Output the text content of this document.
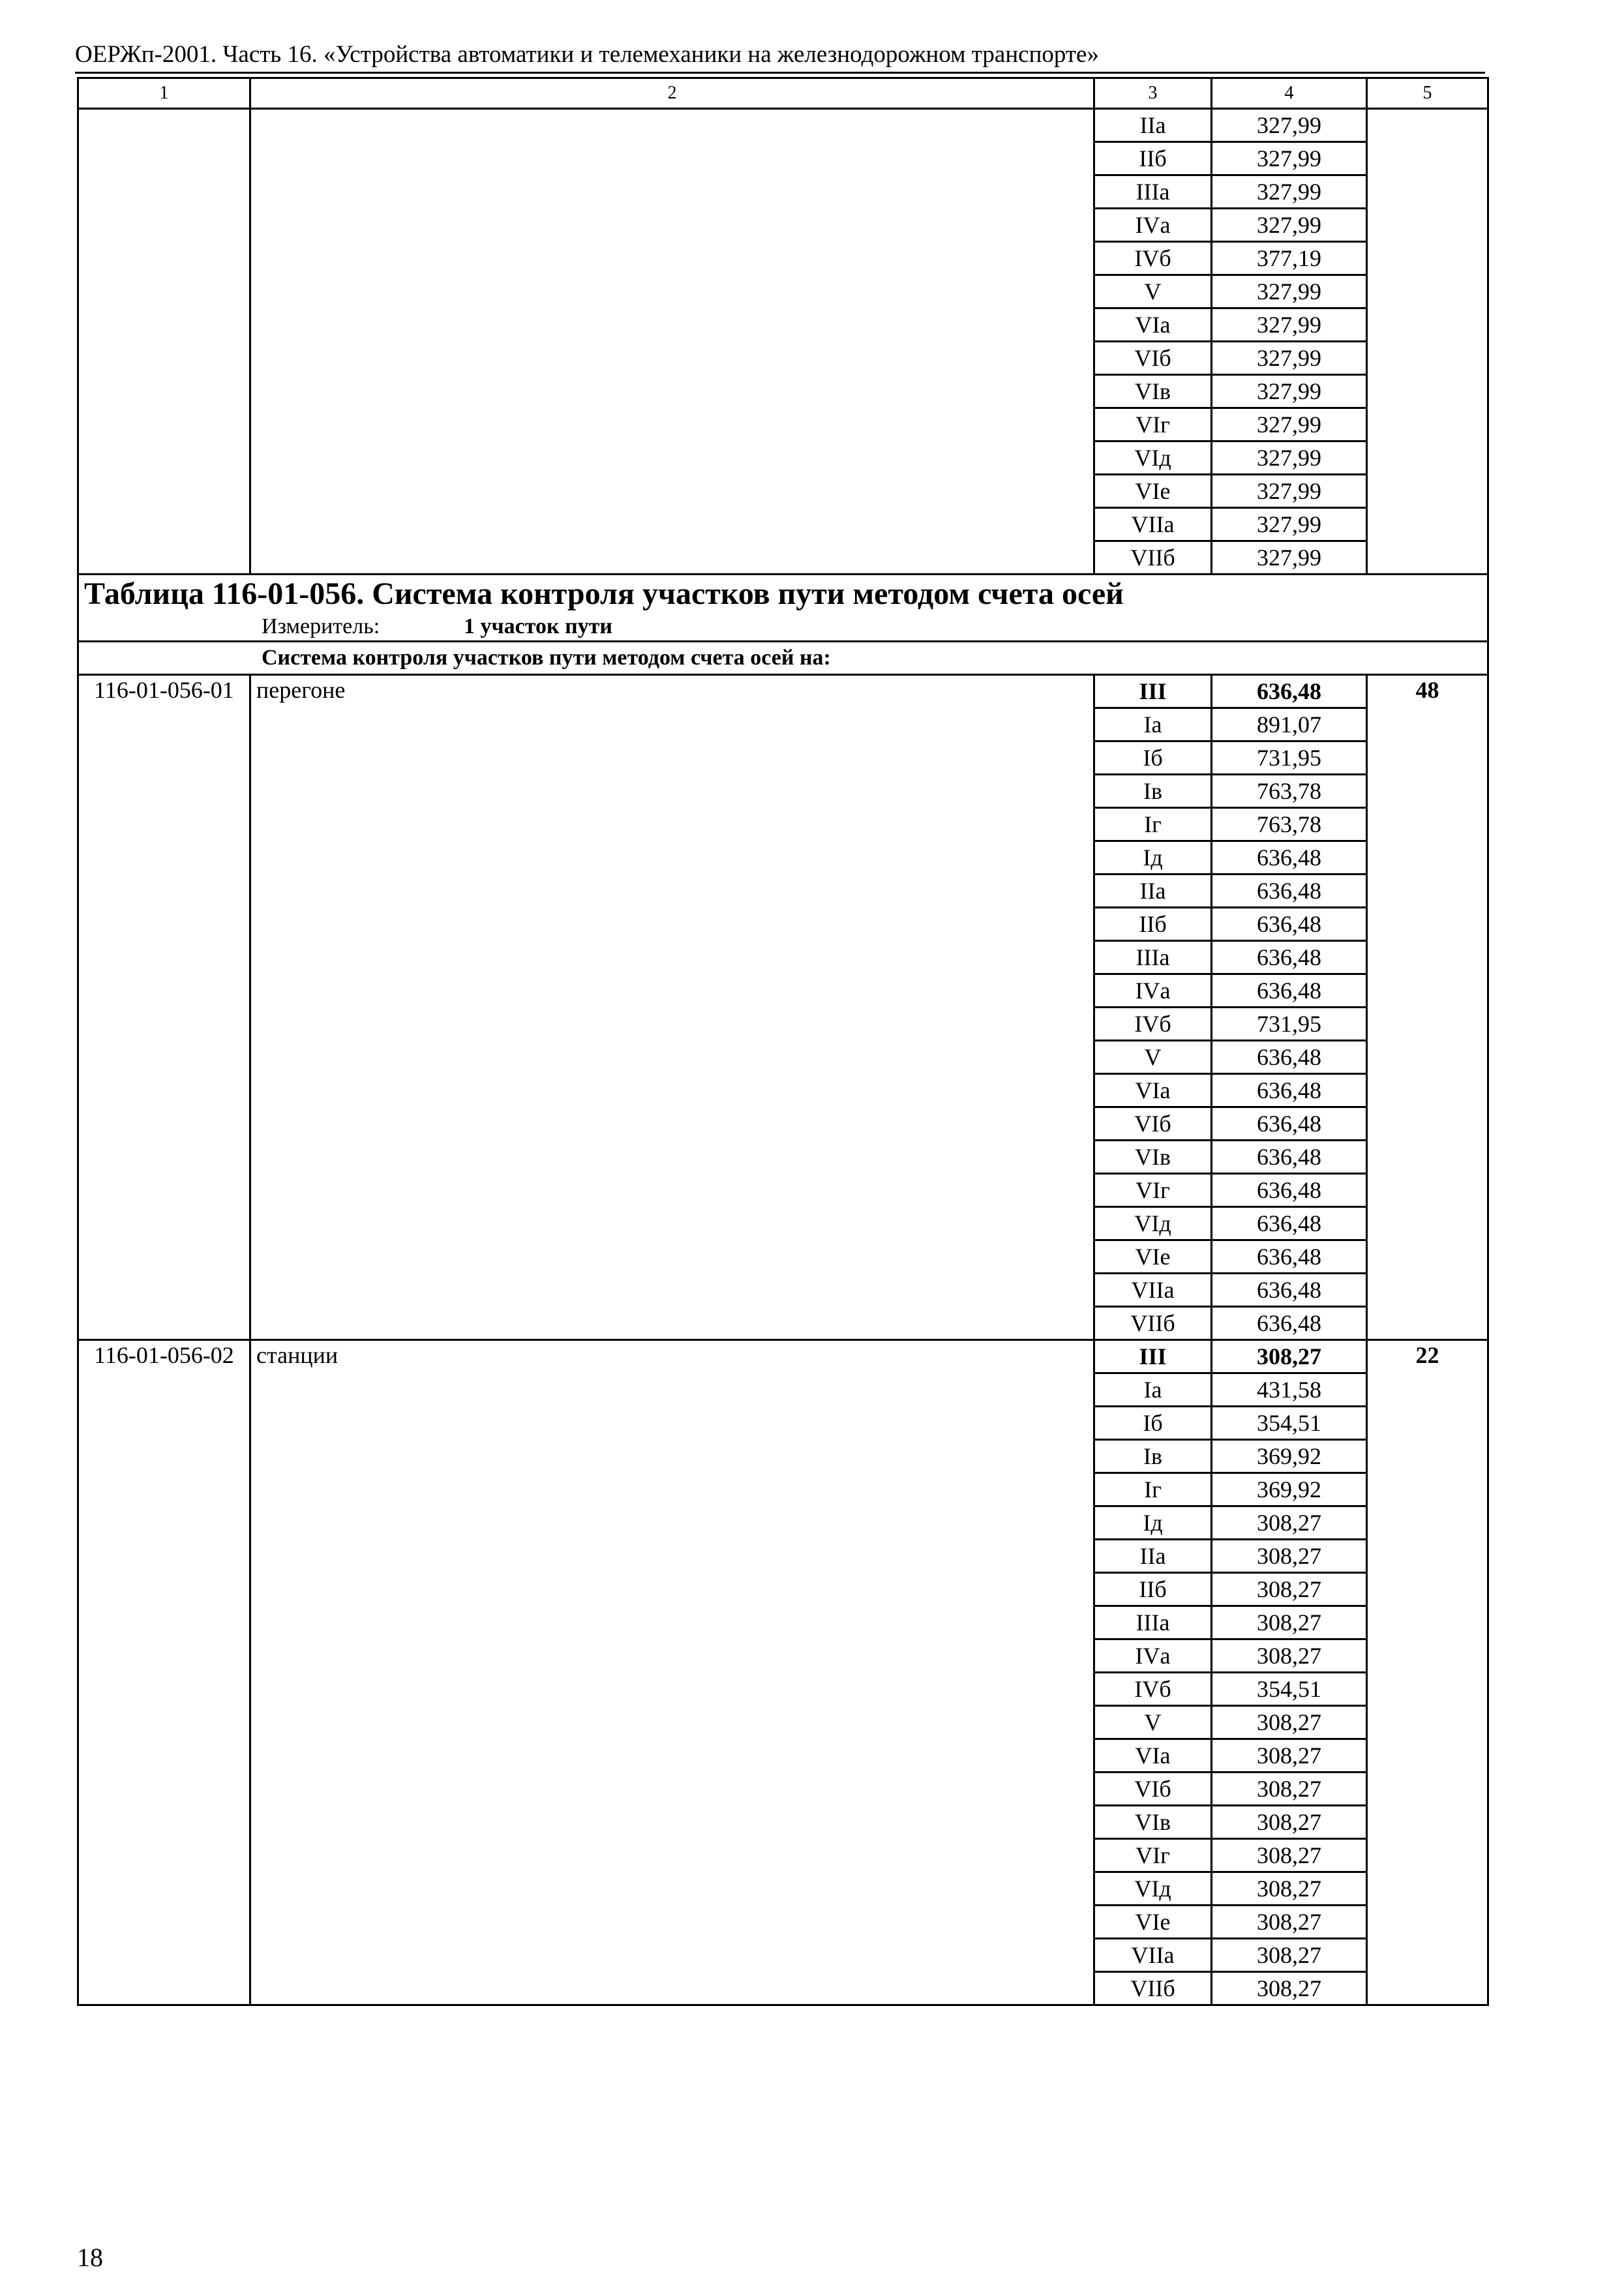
ОЕРЖп-2001. Часть 16. «Устройства автоматики и телемеханики на железнодорожном транспорте»
1	2	3	4	5
		IIа	327,99	
		IIб	327,99	
		IIIа	327,99	
		IVа	327,99	
		IVб	377,19	
		V	327,99	
		VIа	327,99	
		VIб	327,99	
		VIв	327,99	
		VIг	327,99	
		VIд	327,99	
		VIе	327,99	
		VIIа	327,99	
		VIIб	327,99	
Таблица 116-01-056. Система контроля участков пути методом счета осей				
Измеритель: 1 участок пути				
Система контроля участков пути методом счета осей на:				
116-01-056-01	перегоне	III	636,48	48
		Iа	891,07	
		Iб	731,95	
		Iв	763,78	
		Iг	763,78	
		Iд	636,48	
		IIа	636,48	
		IIб	636,48	
		IIIа	636,48	
		IVа	636,48	
		IVб	731,95	
		V	636,48	
		VIа	636,48	
		VIб	636,48	
		VIв	636,48	
		VIг	636,48	
		VIд	636,48	
		VIе	636,48	
		VIIа	636,48	
		VIIб	636,48	
116-01-056-02	станции	III	308,27	22
		Iа	431,58	
		Iб	354,51	
		Iв	369,92	
		Iг	369,92	
		Iд	308,27	
		IIа	308,27	
		IIб	308,27	
		IIIа	308,27	
		IVа	308,27	
		IVб	354,51	
		V	308,27	
		VIа	308,27	
		VIб	308,27	
		VIв	308,27	
		VIг	308,27	
		VIд	308,27	
		VIе	308,27	
		VIIа	308,27	
		VIIб	308,27	
18
